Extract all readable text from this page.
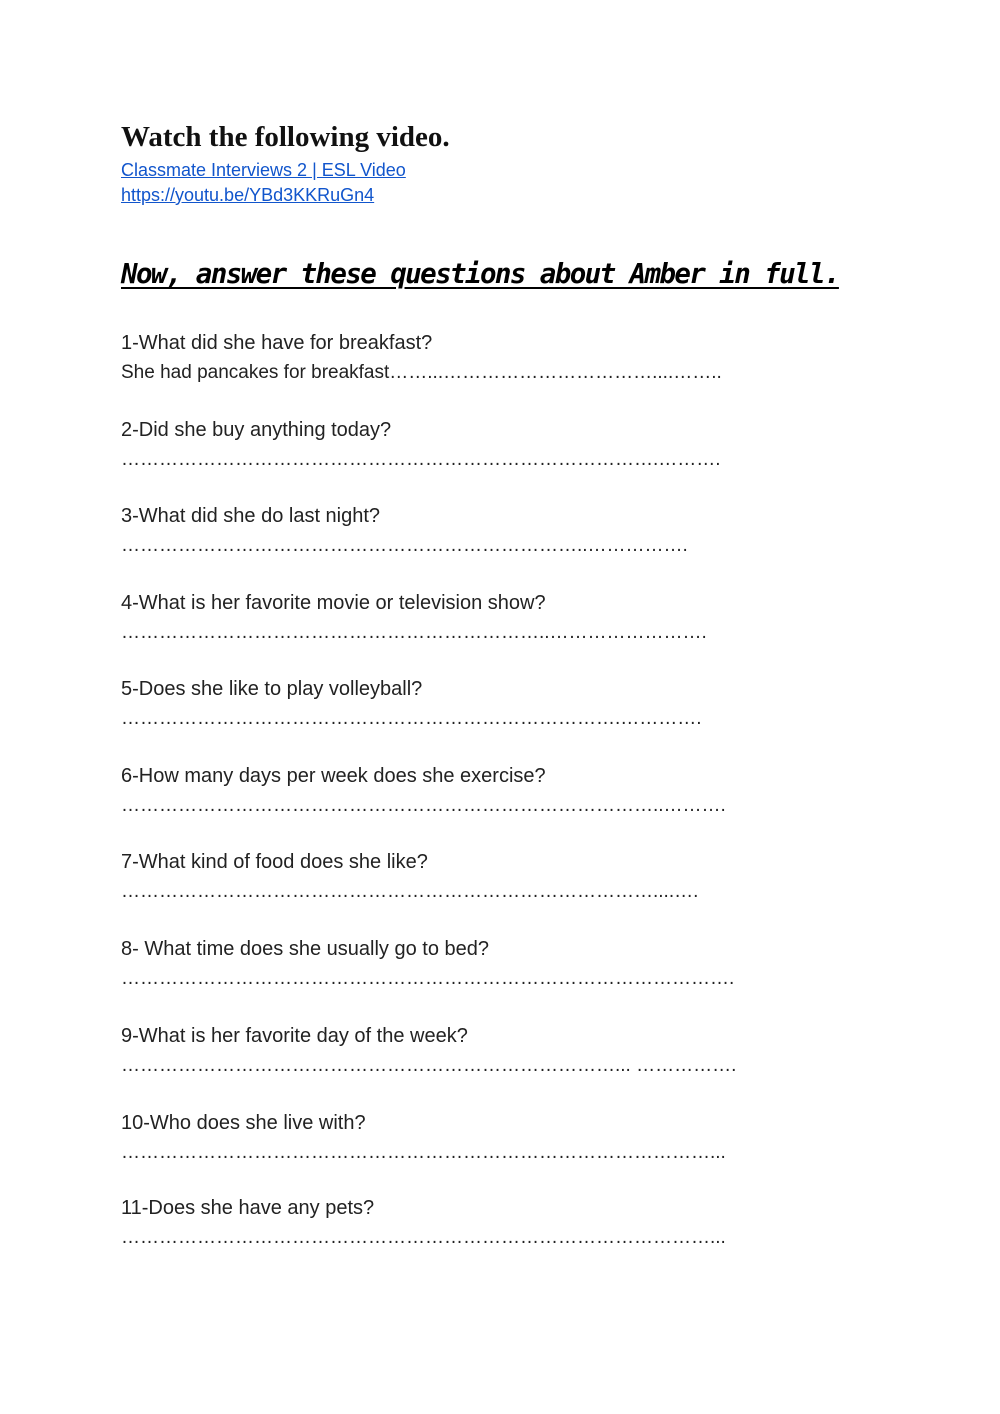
Watch the following video.
Classmate Interviews 2 | ESL Video
https://youtu.be/YBd3KKRuGn4
Now, answer these questions about Amber in full.
1-What did she have for breakfast?
She had pancakes for breakfast……...……………………………....……..
2-Did she buy anything today?
………………………………………………………………………….……….
3-What did she do last night?
………………………………………………………………..…………….
4-What is her favorite movie or television show?
…………………………………………………………..…………………….
5-Does she like to play volleyball?
…………………………………………………………………….………….
6-How many days per week does she exercise?
…………………………………………………………………………..……….
7-What kind of food does she like?
…………………………………………………………………………....….
8- What time does she usually go to bed?
…………………………………………………………………………………….
9-What is her favorite day of the week?
……………………………………………………………………... …………….
10-Who does she live with?
…………………………………………………………………………………...
11-Does she have any pets?
…………………………………………………………………………………...
